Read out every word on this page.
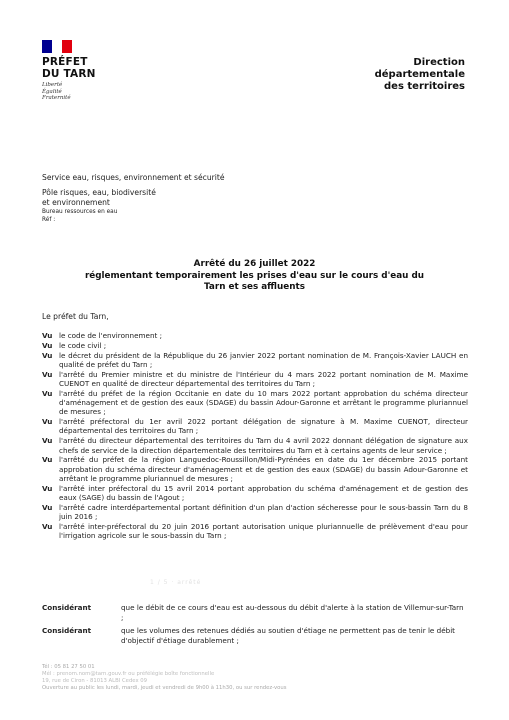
PRÉFET
DU TARN
Liberté
Égalité
Fraternité
Direction
départementale
des territoires
Service eau, risques, environnement et sécurité
Pôle risques, eau, biodiversité
et environnement
Bureau ressources en eau
Réf :
Arrêté du 26 juillet 2022
réglementant temporairement les prises d'eau sur le cours d'eau du
Tarn et ses affluents
Le préfet du Tarn,
Vu le code de l'environnement ;
Vu le code civil ;
Vu le décret du président de la République du 26 janvier 2022 portant nomination de M. François-Xavier LAUCH en qualité de préfet du Tarn ;
Vu l'arrêté du Premier ministre et du ministre de l'Intérieur du 4 mars 2022 portant nomination de M. Maxime CUENOT en qualité de directeur départemental des territoires du Tarn ;
Vu l'arrêté du préfet de la région Occitanie en date du 10 mars 2022 portant approbation du schéma directeur d'aménagement et de gestion des eaux (SDAGE) du bassin Adour-Garonne et arrêtant le programme pluriannuel de mesures ;
Vu l'arrêté préfectoral du 1er avril 2022 portant délégation de signature à M. Maxime CUENOT, directeur départemental des territoires du Tarn ;
Vu l'arrêté du directeur départemental des territoires du Tarn du 4 avril 2022 donnant délégation de signature aux chefs de service de la direction départementale des territoires du Tarn et à certains agents de leur service ;
Vu l'arrêté du préfet de la région Languedoc-Roussillon/Midi-Pyrénées en date du 1er décembre 2015 portant approbation du schéma directeur d'aménagement et de gestion des eaux (SDAGE) du bassin Adour-Garonne et arrêtant le programme pluriannuel de mesures ;
Vu l'arrêté inter préfectoral du 15 avril 2014 portant approbation du schéma d'aménagement et de gestion des eaux (SAGE) du bassin de l'Agout ;
Vu l'arrêté cadre interdépartemental portant définition d'un plan d'action sécheresse pour le sous-bassin Tarn du 8 juin 2016 ;
Vu l'arrêté inter-préfectoral du 20 juin 2016 portant autorisation unique pluriannuelle de prélèvement d'eau pour l'irrigation agricole sur le sous-bassin du Tarn ;
1 / 5 · arrêté
Considérant	que le débit de ce cours d'eau est au-dessous du débit d'alerte à la station de Villemur-sur-Tarn ;
Considérant	que les volumes des retenues dédiés au soutien d'étiage ne permettent pas de tenir le débit d'objectif d'étiage durablement ;
Tél : 05 81 27 50 01
Mél : prenom.nom@tarn.gouv.fr ou préfélégie boîte fonctionnelle
19, rue de Ciron - 81013 ALBI Cedex 09
Ouverture au public les lundi, mardi, jeudi et vendredi de 9h00 à 11h30, ou sur rendez-vous
